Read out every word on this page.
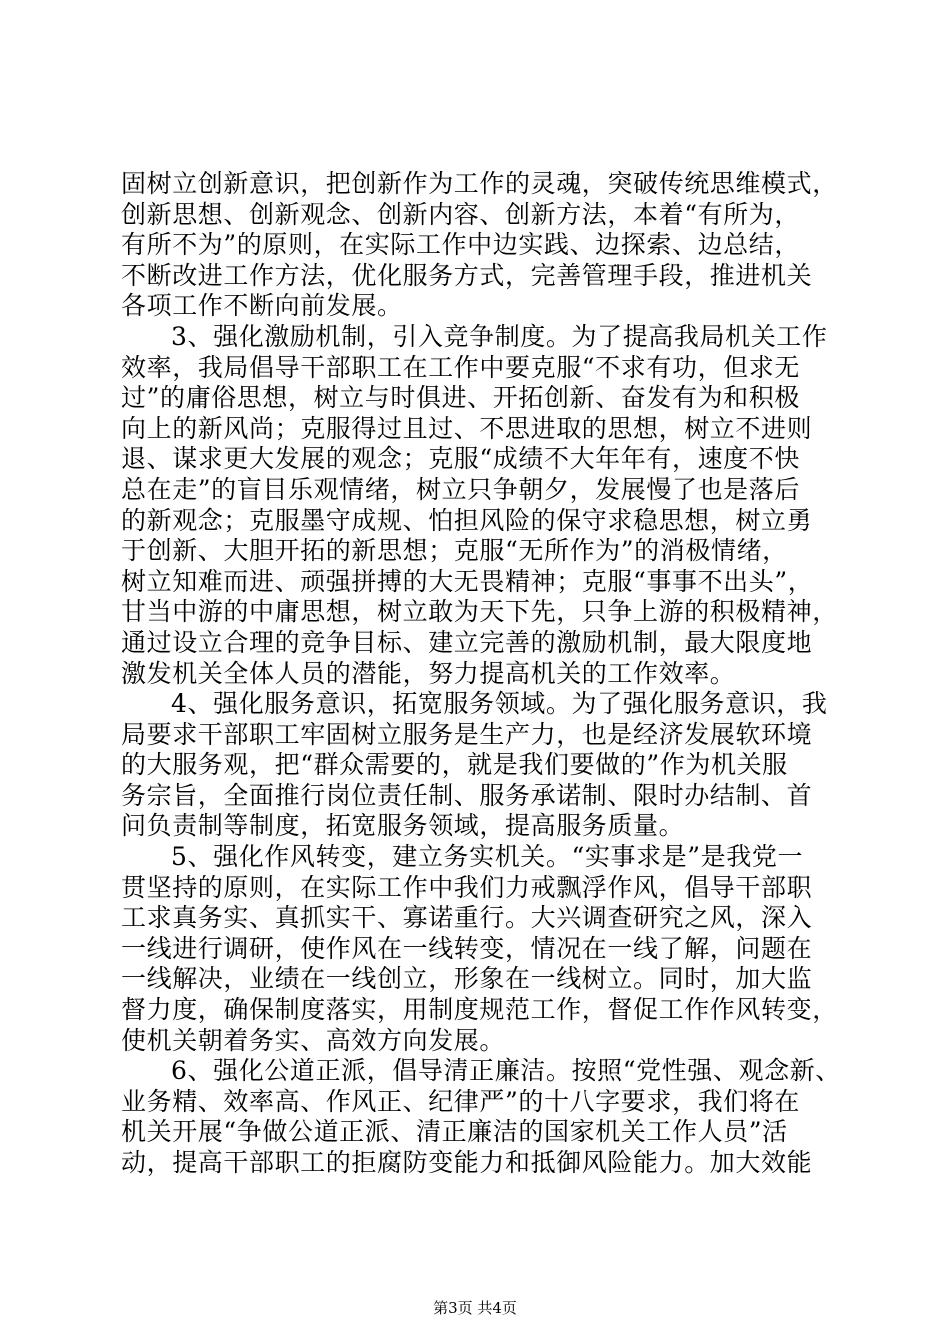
固树立创新意识，把创新作为工作的灵魂，突破传统思维模式，
创新思想、创新观念、创新内容、创新方法，本着“有所为，
有所不为”的原则，在实际工作中边实践、边探索、边总结，
不断改进工作方法，优化服务方式，完善管理手段，推进机关
各项工作不断向前发展。
3、强化激励机制，引入竞争制度。为了提高我局机关工作
效率，我局倡导干部职工在工作中要克服“不求有功，但求无
过”的庸俗思想，树立与时俱进、开拓创新、奋发有为和积极
向上的新风尚；克服得过且过、不思进取的思想，树立不进则
退、谋求更大发展的观念；克服“成绩不大年年有，速度不快
总在走”的盲目乐观情绪，树立只争朝夕，发展慢了也是落后
的新观念；克服墨守成规、怕担风险的保守求稳思想，树立勇
于创新、大胆开拓的新思想；克服“无所作为”的消极情绪，
树立知难而进、顽强拼搏的大无畏精神；克服“事事不出头”，
甘当中游的中庸思想，树立敢为天下先，只争上游的积极精神，
通过设立合理的竞争目标、建立完善的激励机制，最大限度地
激发机关全体人员的潜能，努力提高机关的工作效率。
4、强化服务意识，拓宽服务领域。为了强化服务意识，我
局要求干部职工牢固树立服务是生产力，也是经济发展软环境
的大服务观，把“群众需要的，就是我们要做的”作为机关服
务宗旨，全面推行岗位责任制、服务承诺制、限时办结制、首
问负责制等制度，拓宽服务领域，提高服务质量。
5、强化作风转变，建立务实机关。“实事求是”是我党一
贯坚持的原则，在实际工作中我们力戒飘浮作风，倡导干部职
工求真务实、真抓实干、寡诺重行。大兴调查研究之风，深入
一线进行调研，使作风在一线转变，情况在一线了解，问题在
一线解决，业绩在一线创立，形象在一线树立。同时，加大监
督力度，确保制度落实，用制度规范工作，督促工作作风转变，
使机关朝着务实、高效方向发展。
6、强化公道正派，倡导清正廉洁。按照“党性强、观念新、
业务精、效率高、作风正、纪律严”的十八字要求，我们将在
机关开展“争做公道正派、清正廉洁的国家机关工作人员”活
动，提高干部职工的拒腐防变能力和抵御风险能力。加大效能
第3页 共4页
